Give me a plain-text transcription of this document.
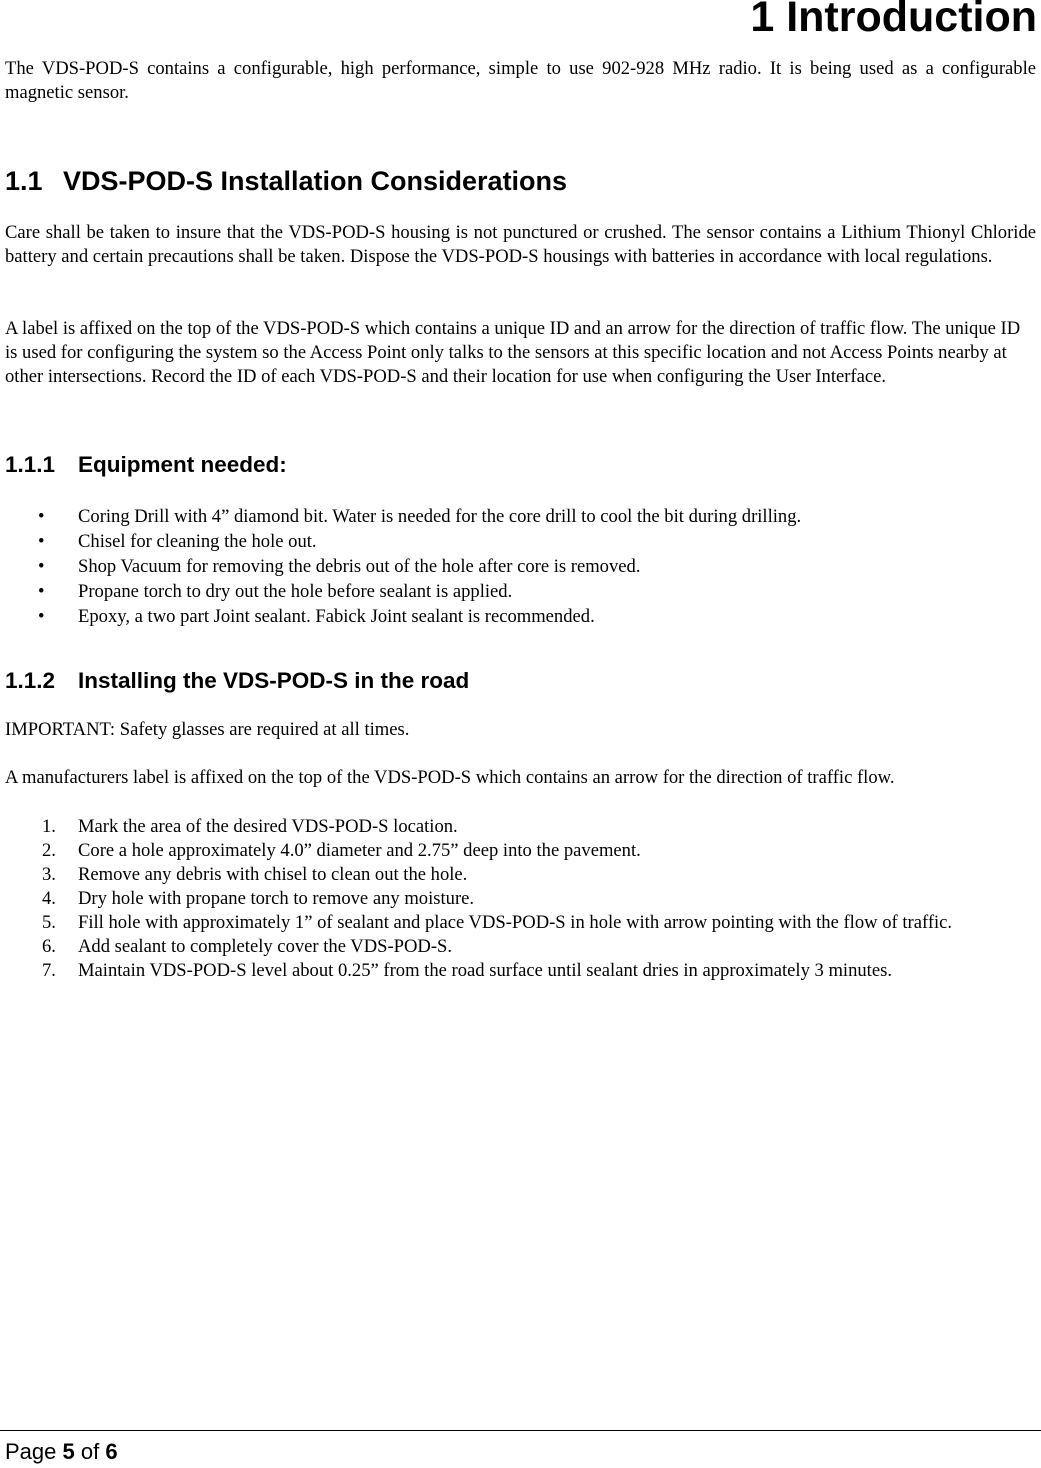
1 Introduction

The VDS-POD-S contains a configurable, high performance, simple to use 902-928 MHz radio. It is being used as a configurable magnetic sensor.

1.1 VDS-POD-S Installation Considerations

Care shall be taken to insure that the VDS-POD-S housing is not punctured or crushed. The sensor contains a Lithium Thionyl Chloride battery and certain precautions shall be taken. Dispose the VDS-POD-S housings with batteries in accordance with local regulations.

A label is affixed on the top of the VDS-POD-S which contains a unique ID and an arrow for the direction of traffic flow. The unique ID is used for configuring the system so the Access Point only talks to the sensors at this specific location and not Access Points nearby at other intersections. Record the ID of each VDS-POD-S and their location for use when configuring the User Interface.

1.1.1 Equipment needed:
• Coring Drill with 4” diamond bit. Water is needed for the core drill to cool the bit during drilling.
• Chisel for cleaning the hole out.
• Shop Vacuum for removing the debris out of the hole after core is removed.
• Propane torch to dry out the hole before sealant is applied.
• Epoxy, a two part Joint sealant. Fabick Joint sealant is recommended.
1.1.2 Installing the VDS-POD-S in the road

IMPORTANT: Safety glasses are required at all times.

A manufacturers label is affixed on the top of the VDS-POD-S which contains an arrow for the direction of traffic flow.

1. Mark the area of the desired VDS-POD-S location.
2. Core a hole approximately 4.0” diameter and 2.75” deep into the pavement.
3. Remove any debris with chisel to clean out the hole.
4. Dry hole with propane torch to remove any moisture.
5. Fill hole with approximately 1” of sealant and place VDS-POD-S in hole with arrow pointing with the flow of traffic.
6. Add sealant to completely cover the VDS-POD-S.
7. Maintain VDS-POD-S level about 0.25” from the road surface until sealant dries in approximately 3 minutes.

Page 5 of 6
